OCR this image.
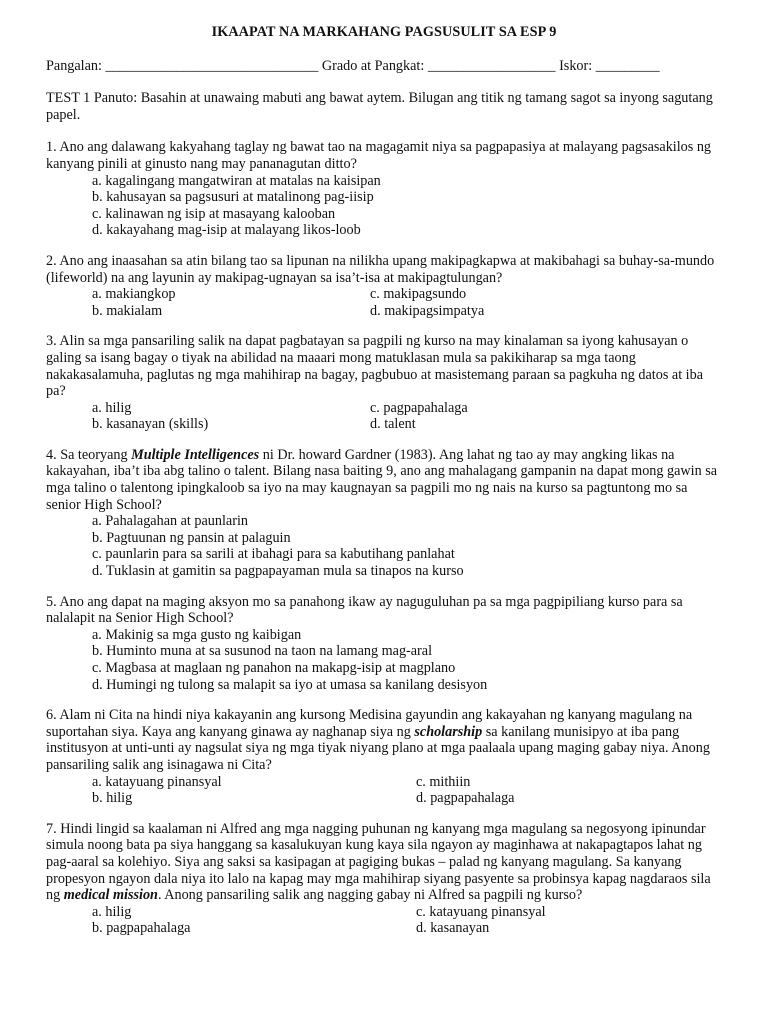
IKAAPAT NA MARKAHANG PAGSUSULIT SA ESP 9
Pangalan: ______________________________ Grado at Pangkat: __________________ Iskor: _________
TEST 1 Panuto: Basahin at unawaing mabuti ang bawat aytem. Bilugan ang titik ng tamang sagot sa inyong sagutang papel.
1. Ano ang dalawang kakyahang taglay ng bawat tao na magagamit niya sa pagpapasiya at malayang pagsasakilos ng kanyang pinili at ginusto nang may pananagutan ditto?
a. kagalingang mangatwiran at matalas na kaisipan
b. kahusayan sa pagsusuri at matalinong pag-iisip
c. kalinawan ng isip at masayang kalooban
d. kakayahang mag-isip at malayang likos-loob
2. Ano ang inaasahan sa atin bilang tao sa lipunan na nilikha upang makipagkapwa at makibahagi sa buhay-sa-mundo (lifeworld) na ang layunin ay makipag-ugnayan sa isa’t-isa at makipagtulungan?
a. makiangkop	c. makipagsundo
b. makialam	d. makipagsimpatya
3. Alin sa mga pansariling salik na dapat pagbatayan sa pagpili ng kurso na may kinalaman sa iyong kahusayan o galing sa isang bagay o tiyak na abilidad na maaari mong matuklasan mula sa pakikiharap sa mga taong nakakasalamuha, paglutas ng mga mahihirap na bagay, pagbubuo at masistemang paraan sa pagkuha ng datos at iba pa?
a. hilig	c. pagpapahalaga
b. kasanayan (skills)	d. talent
4. Sa teoryang Multiple Intelligences ni Dr. howard Gardner (1983). Ang lahat ng tao ay may angking likas na kakayahan, iba’t iba abg talino o talent. Bilang nasa baiting 9, ano ang mahalagang gampanin na dapat mong gawin sa mga talino o talentong ipingkaloob sa iyo na may kaugnayan sa pagpili mo ng nais na kurso sa pagtuntong mo sa senior High School?
a. Pahalagahan at paunlarin
b. Pagtuunan ng pansin at palaguin
c. paunlarin para sa sarili at ibahagi para sa kabutihang panlahat
d. Tuklasin at gamitin sa pagpapayaman mula sa tinapos na kurso
5. Ano ang dapat na maging aksyon mo sa panahong ikaw ay naguguluhan pa sa mga pagpipiliang kurso para sa nalalapit na Senior High School?
a. Makinig sa mga gusto ng kaibigan
b. Huminto muna at sa susunod na taon na lamang mag-aral
c. Magbasa at maglaan ng panahon na makapg-isip at magplano
d. Humingi ng tulong sa malapit sa iyo at umasa sa kanilang desisyon
6. Alam ni Cita na hindi niya kakayanin ang kursong Medisina gayundin ang kakayahan ng kanyang magulang na suportahan siya. Kaya ang kanyang ginawa ay naghanap siya ng scholarship sa kanilang munisipyo at iba pang institusyon at unti-unti ay nagsulat siya ng mga tiyak niyang plano at mga paalaala upang maging gabay niya. Anong pansariling salik ang isinagawa ni Cita?
a. katayuang pinansyal	c. mithiin
b. hilig	d. pagpapahalaga
7. Hindi lingid sa kaalaman ni Alfred ang mga nagging puhunan ng kanyang mga magulang sa negosyong ipinundar simula noong bata pa siya hanggang sa kasalukuyan kung kaya sila ngayon ay maginhawa at nakapagtapos lahat ng pag-aaral sa kolehiyo. Siya ang saksi sa kasipagan at pagiging bukas – palad ng kanyang magulang. Sa kanyang propesyon ngayon dala niya ito lalo na kapag may mga mahihirap siyang pasyente sa probinsya kapag nagdaraos sila ng medical mission. Anong pansariling salik ang nagging gabay ni Alfred sa pagpili ng kurso?
a. hilig	c. katayuang pinansyal
b. pagpapahalaga	d. kasanayan
